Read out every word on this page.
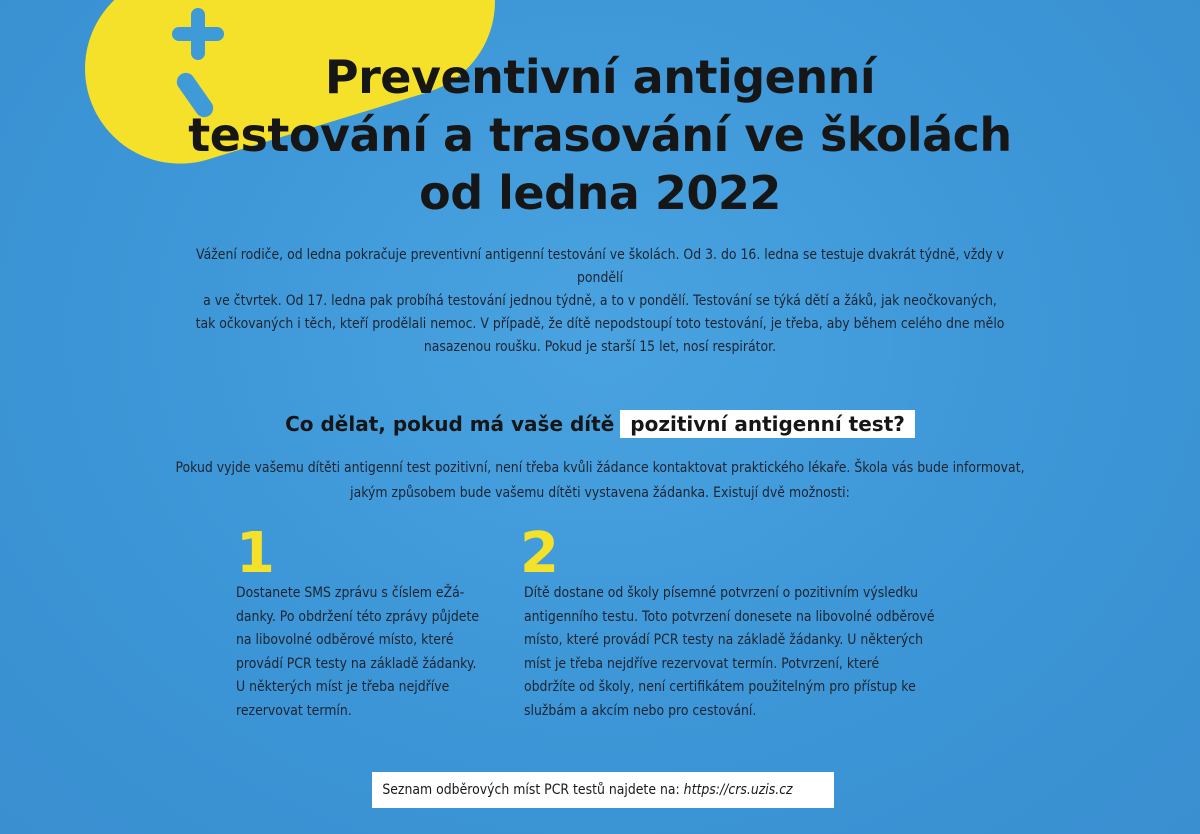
Preventivní antigenní
testování a trasování ve školách
od ledna 2022

Vážení rodiče, od ledna pokračuje preventivní antigenní testování ve školách. Od 3. do 16. ledna se testuje dvakrát týdně, vždy v pondělí
a ve čtvrtek. Od 17. ledna pak probíhá testování jednou týdně, a to v pondělí. Testování se týká dětí a žáků, jak neočkovaných,
tak očkovaných i těch, kteří prodělali nemoc. V případě, že dítě nepodstoupí toto testování, je třeba, aby během celého dne mělo
nasazenou roušku. Pokud je starší 15 let, nosí respirátor.

Co dělat, pokud má vaše dítě pozitivní antigenní test?

Pokud vyjde vašemu dítěti antigenní test pozitivní, není třeba kvůli žádance kontaktovat praktického lékaře. Škola vás bude informovat,
jakým způsobem bude vašemu dítěti vystavena žádanka. Existují dvě možnosti:

1	2

Dostanete SMS zprávu s číslem eŽá-
danky. Po obdržení této zprávy půjdete
na libovolné odběrové místo, které
provádí PCR testy na základě žádanky.
U některých míst je třeba nejdříve
rezervovat termín.

Dítě dostane od školy písemné potvrzení o pozitivním výsledku
antigenního testu. Toto potvrzení donesete na libovolné odběrové
místo, které provádí PCR testy na základě žádanky. U některých
míst je třeba nejdříve rezervovat termín. Potvrzení, které
obdržíte od školy, není certifikátem použitelným pro přístup ke
službám a akcím nebo pro cestování.

Seznam odběrových míst PCR testů najdete na: https://crs.uzis.cz
